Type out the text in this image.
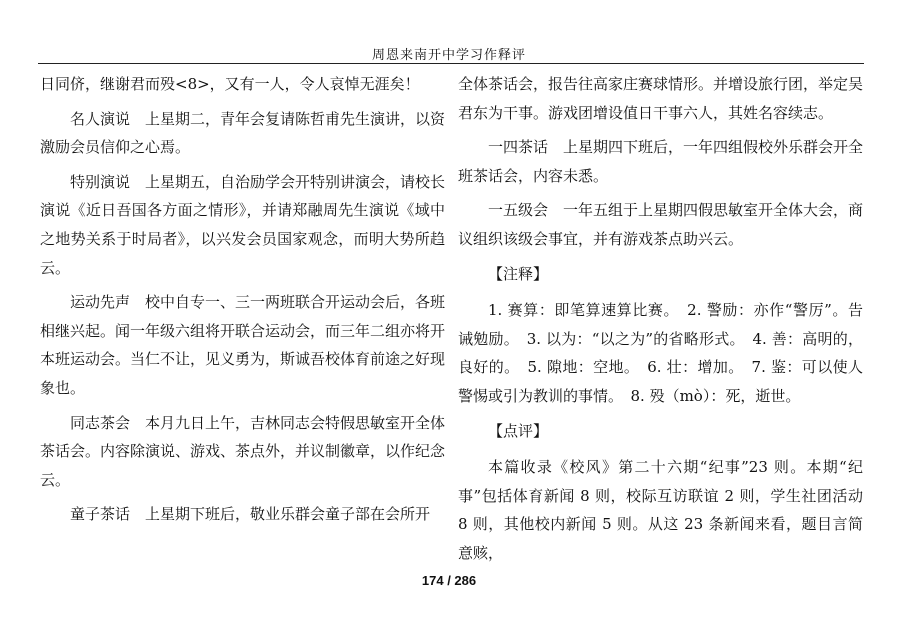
周恩来南开中学习作释评

日同侪，继谢君而殁<8>，又有一人，令人哀悼无涯矣！

名人演说　上星期二，青年会复请陈哲甫先生演讲，以资激励会员信仰之心焉。

特别演说　上星期五，自治励学会开特别讲演会，请校长演说《近日吾国各方面之情形》，并请郑融周先生演说《域中之地势关系于时局者》，以兴发会员国家观念，而明大势所趋云。

运动先声　校中自专一、三一两班联合开运动会后，各班相继兴起。闻一年级六组将开联合运动会，而三年二组亦将开本班运动会。当仁不让，见义勇为，斯诚吾校体育前途之好现象也。

同志茶会　本月九日上午，吉林同志会特假思敏室开全体茶话会。内容除演说、游戏、茶点外，并议制徽章，以作纪念云。

童子茶话　上星期下班后，敬业乐群会童子部在会所开

全体茶话会，报告往高家庄赛球情形。并增设旅行团，举定吴君东为干事。游戏团增设值日干事六人，其姓名容续志。

一四茶话　上星期四下班后，一年四组假校外乐群会开全班茶话会，内容未悉。

一五级会　一年五组于上星期四假思敏室开全体大会，商议组织该级会事宜，并有游戏茶点助兴云。

【注释】

1. 赛算：即笔算速算比赛。　2. 警励：亦作“警厉”。告诫勉励。　3. 以为：“以之为”的省略形式。　4. 善：高明的，良好的。　5. 隙地：空地。　6. 壮：增加。　7. 鉴：可以使人警惕或引为教训的事情。　8. 殁（mò）：死，逝世。

【点评】

本篇收录《校风》第二十六期“纪事”23 则。本期“纪事”包括体育新闻 8 则，校际互访联谊 2 则，学生社团活动 8 则，其他校内新闻 5 则。从这 23 条新闻来看，题目言简意赅，

174 / 286
